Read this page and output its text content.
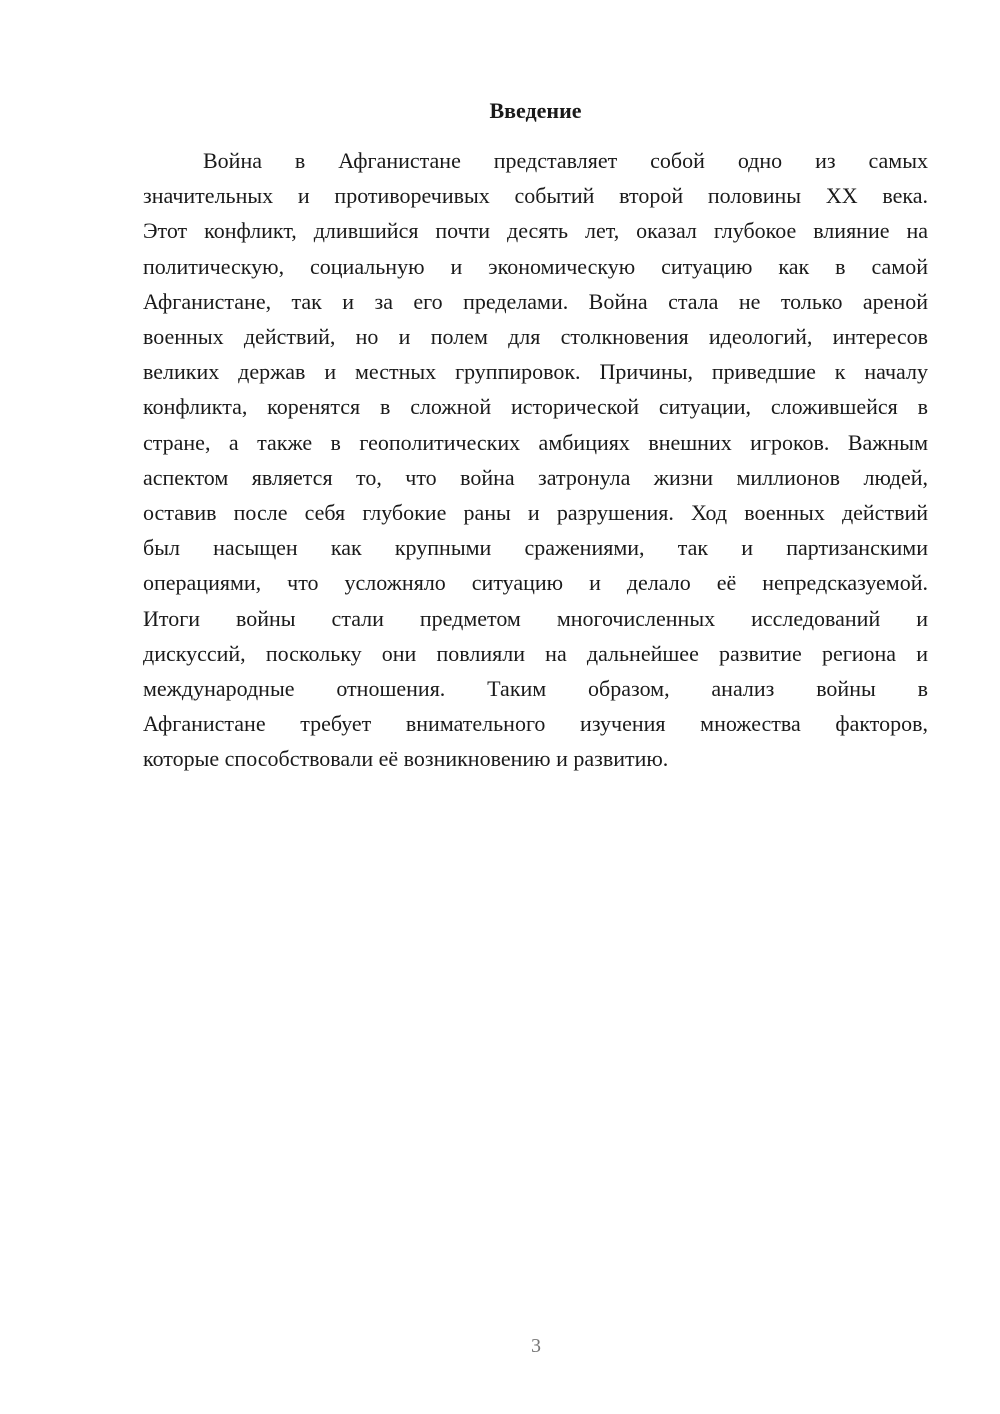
Введение

Война в Афганистане представляет собой одно из самых
значительных и противоречивых событий второй половины XX века.
Этот конфликт, длившийся почти десять лет, оказал глубокое влияние на
политическую, социальную и экономическую ситуацию как в самой
Афганистане, так и за его пределами. Война стала не только ареной
военных действий, но и полем для столкновения идеологий, интересов
великих держав и местных группировок. Причины, приведшие к началу
конфликта, коренятся в сложной исторической ситуации, сложившейся в
стране, а также в геополитических амбициях внешних игроков. Важным
аспектом является то, что война затронула жизни миллионов людей,
оставив после себя глубокие раны и разрушения. Ход военных действий
был насыщен как крупными сражениями, так и партизанскими
операциями, что усложняло ситуацию и делало её непредсказуемой.
Итоги войны стали предметом многочисленных исследований и
дискуссий, поскольку они повлияли на дальнейшее развитие региона и
международные отношения. Таким образом, анализ войны в
Афганистане требует внимательного изучения множества факторов,
которые способствовали её возникновению и развитию.

3
